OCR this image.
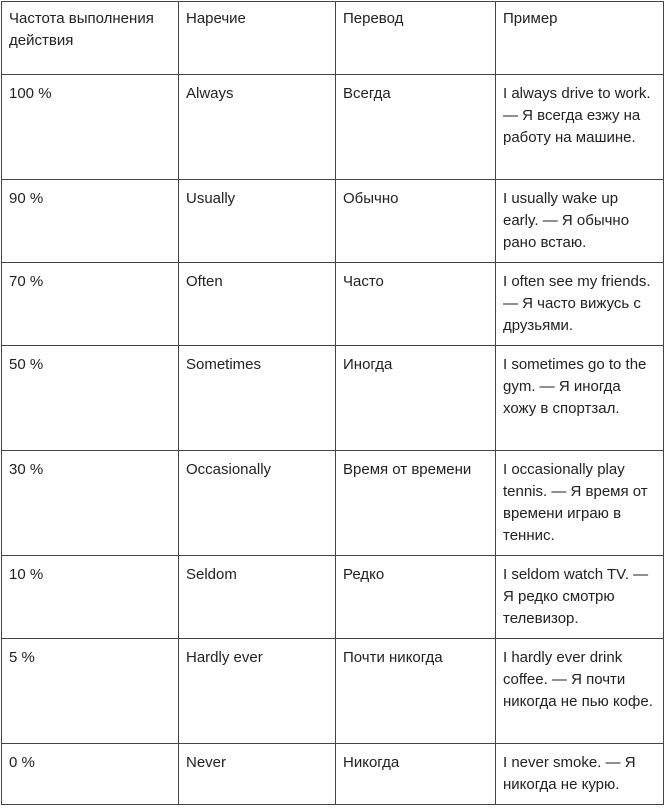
Частота выполнения действия	Наречие	Перевод	Пример
100 %	Always	Всегда	I always drive to work. — Я всегда езжу на работу на машине.
90 %	Usually	Обычно	I usually wake up early. — Я обычно рано встаю.
70 %	Often	Часто	I often see my friends. — Я часто вижусь с друзьями.
50 %	Sometimes	Иногда	I sometimes go to the gym. — Я иногда хожу в спортзал.
30 %	Occasionally	Время от времени	I occasionally play tennis. — Я время от времени играю в теннис.
10 %	Seldom	Редко	I seldom watch TV. — Я редко смотрю телевизор.
5 %	Hardly ever	Почти никогда	I hardly ever drink coffee. — Я почти никогда не пью кофе.
0 %	Never	Никогда	I never smoke. — Я никогда не курю.
